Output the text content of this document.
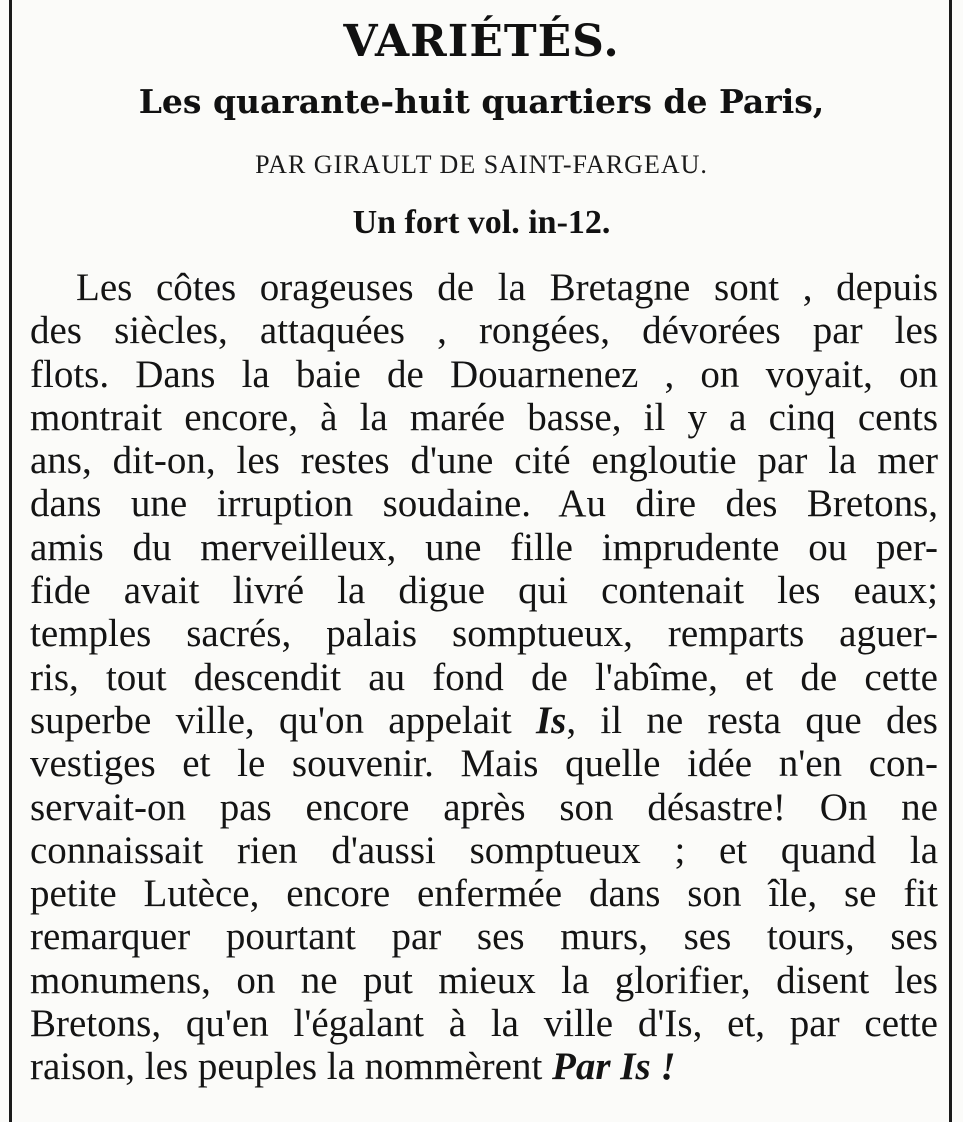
VARIÉTÉS.
Les quarante-huit quartiers de Paris,

PAR GIRAULT DE SAINT-FARGEAU.

Un fort vol. in-12.

Les côtes orageuses de la Bretagne sont , depuis
des siècles, attaquées , rongées, dévorées par les
flots. Dans la baie de Douarnenez , on voyait, on
montrait encore, à la marée basse, il y a cinq cents
ans, dit-on, les restes d'une cité engloutie par la mer
dans une irruption soudaine. Au dire des Bretons,
amis du merveilleux, une fille imprudente ou per-
fide avait livré la digue qui contenait les eaux;
temples sacrés, palais somptueux, remparts aguer-
ris, tout descendit au fond de l'abîme, et de cette
superbe ville, qu'on appelait Is, il ne resta que des
vestiges et le souvenir. Mais quelle idée n'en con-
servait-on pas encore après son désastre! On ne
connaissait rien d'aussi somptueux ; et quand la
petite Lutèce, encore enfermée dans son île, se fit
remarquer pourtant par ses murs, ses tours, ses
monumens, on ne put mieux la glorifier, disent les
Bretons, qu'en l'égalant à la ville d'Is, et, par cette
raison, les peuples la nommèrent Par Is !
